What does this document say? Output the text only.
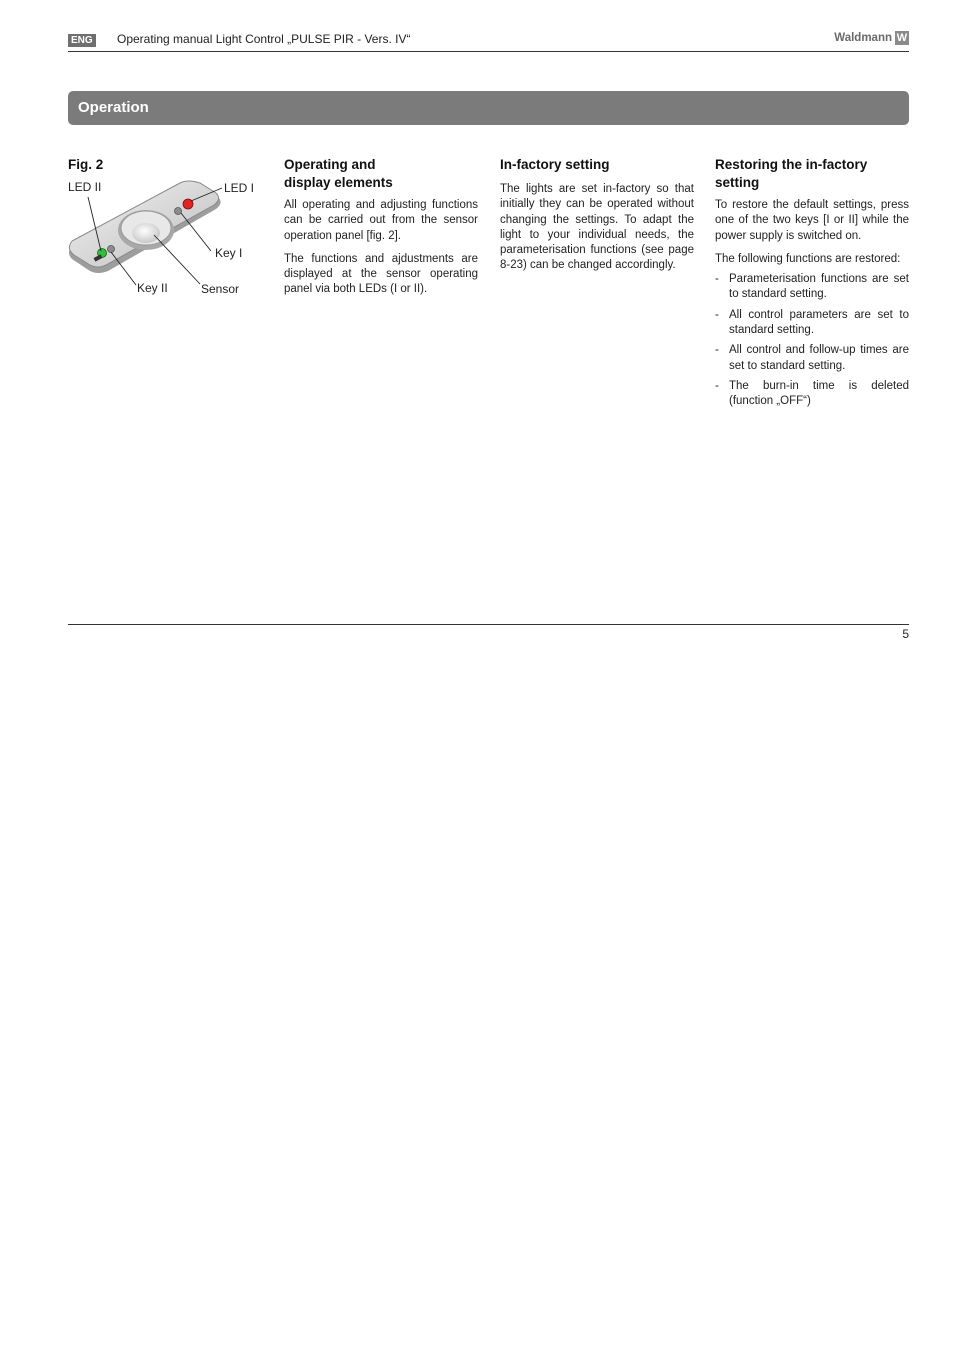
ENG Operating manual Light Control „PULSE PIR - Vers. IV“	Waldmann W
Operation
Fig. 2
LED II	LED I
Key I
Key II	Sensor
Operating and
display elements

All operating and adjusting functions can be carried out from the sensor operation panel [fig. 2].

The functions and ajdustments are displayed at the sensor operating panel via both LEDs (I or II).

In-factory setting

The lights are set in-factory so that initially they can be operated without changing the settings. To adapt the light to your individual needs, the parameterisation functions (see page 8-23) can be changed accordingly.

Restoring the in-factory setting

To restore the default settings, press one of the two keys [I or II] while the power supply is switched on.

The following functions are restored:

- Parameterisation functions are set to standard setting.
- All control parameters are set to standard setting.
- All control and follow-up times are set to standard setting.
- The burn-in time is deleted (function „OFF“)
5
